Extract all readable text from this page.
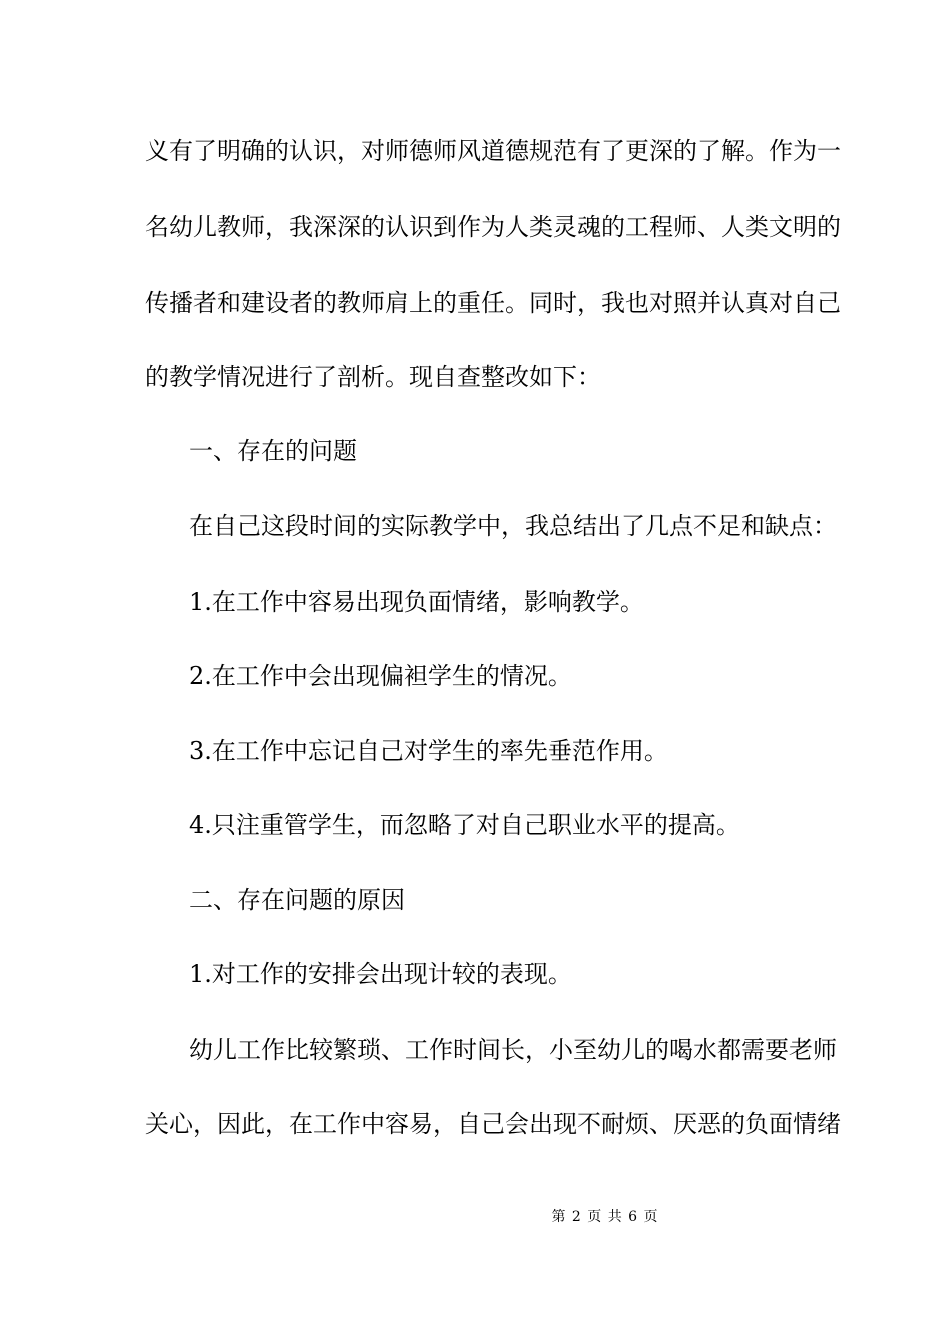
义有了明确的认识，对师德师风道德规范有了更深的了解。作为一
名幼儿教师，我深深的认识到作为人类灵魂的工程师、人类文明的
传播者和建设者的教师肩上的重任。同时，我也对照并认真对自己
的教学情况进行了剖析。现自查整改如下：
一、存在的问题
在自己这段时间的实际教学中，我总结出了几点不足和缺点：
1.在工作中容易出现负面情绪，影响教学。
2.在工作中会出现偏袒学生的情况。
3.在工作中忘记自己对学生的率先垂范作用。
4.只注重管学生，而忽略了对自己职业水平的提高。
二、存在问题的原因
1.对工作的安排会出现计较的表现。
幼儿工作比较繁琐、工作时间长，小至幼儿的喝水都需要老师
关心，因此，在工作中容易，自己会出现不耐烦、厌恶的负面情绪
第 2 页 共 6 页
